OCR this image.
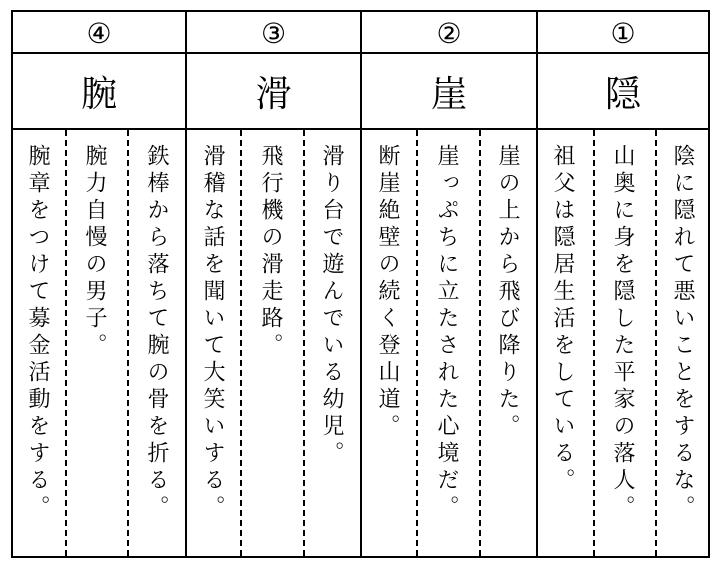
④
腕
腕章をつけて募金活動をする。 腕力自慢の男子。 鉄棒から落ちて腕の骨を折る。
③
滑
滑稽な話を聞いて大笑いする。 飛行機の滑走路。 滑り台で遊んでいる幼児。
②
崖
断崖絶壁の続く登山道。 崖っぷちに立たされた心境だ。 崖の上から飛び降りた。
①
隠
祖父は隠居生活をしている。 山奥に身を隠した平家の落人。 陰に隠れて悪いことをするな。
